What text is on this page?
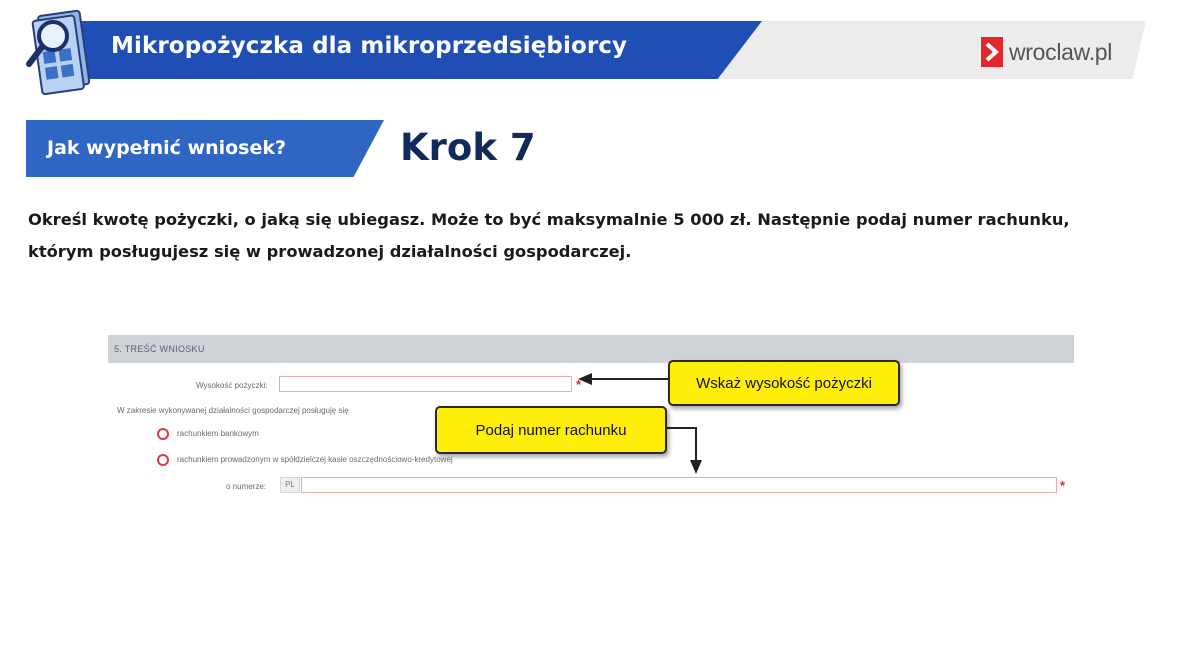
Mikropożyczka dla mikroprzedsiębiorcy	wroclaw.pl
Jak wypełnić wniosek?	Krok 7
Określ kwotę pożyczki, o jaką się ubiegasz. Może to być maksymalnie 5 000 zł. Następnie podaj numer rachunku,
którym posługujesz się w prowadzonej działalności gospodarczej.
5. TREŚĆ WNIOSKU
Wysokość pożyczki:	*
W zakresie wykonywanej działalności gospodarczej posługuję się
rachunkiem bankowym
rachunkiem prowadzonym w spółdzielczej kasie oszczędnościowo-kredytowej
o numerze:	PL	*
Wskaż wysokość pożyczki
Podaj numer rachunku
